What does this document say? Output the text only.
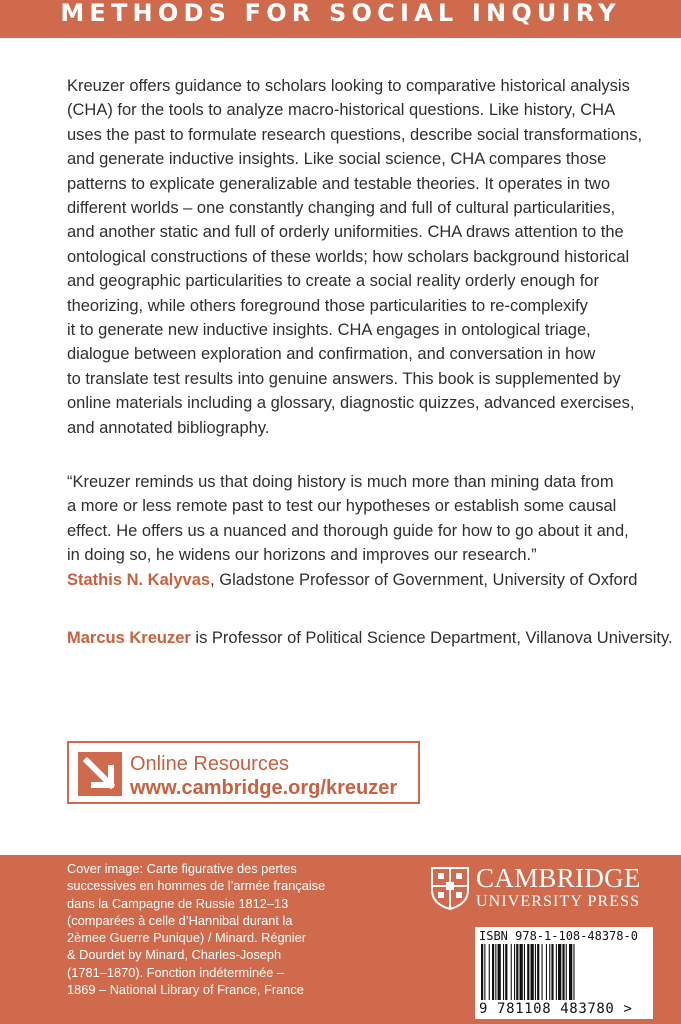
METHODS FOR SOCIAL INQUIRY
Kreuzer offers guidance to scholars looking to comparative historical analysis
(CHA) for the tools to analyze macro-historical questions. Like history, CHA
uses the past to formulate research questions, describe social transformations,
and generate inductive insights. Like social science, CHA compares those
patterns to explicate generalizable and testable theories. It operates in two
different worlds – one constantly changing and full of cultural particularities,
and another static and full of orderly uniformities. CHA draws attention to the
ontological constructions of these worlds; how scholars background historical
and geographic particularities to create a social reality orderly enough for
theorizing, while others foreground those particularities to re-complexify
it to generate new inductive insights. CHA engages in ontological triage,
dialogue between exploration and confirmation, and conversation in how
to translate test results into genuine answers. This book is supplemented by
online materials including a glossary, diagnostic quizzes, advanced exercises,
and annotated bibliography.
“Kreuzer reminds us that doing history is much more than mining data from
a more or less remote past to test our hypotheses or establish some causal
effect. He offers us a nuanced and thorough guide for how to go about it and,
in doing so, he widens our horizons and improves our research.”
Stathis N. Kalyvas, Gladstone Professor of Government, University of Oxford
Marcus Kreuzer is Professor of Political Science Department, Villanova University.
Online Resources
www.cambridge.org/kreuzer
Cover image: Carte figurative des pertes
successives en hommes de l’armée française
dans la Campagne de Russie 1812–13
(comparées à celle d’Hannibal durant la
2èmee Guerre Punique) / Minard. Régnier
& Dourdet by Minard, Charles-Joseph
(1781–1870). Fonction indéterminée –
1869 – National Library of France, France
CAMBRIDGE
UNIVERSITY PRESS
ISBN 978-1-108-48378-0
9 781108 483780 >
